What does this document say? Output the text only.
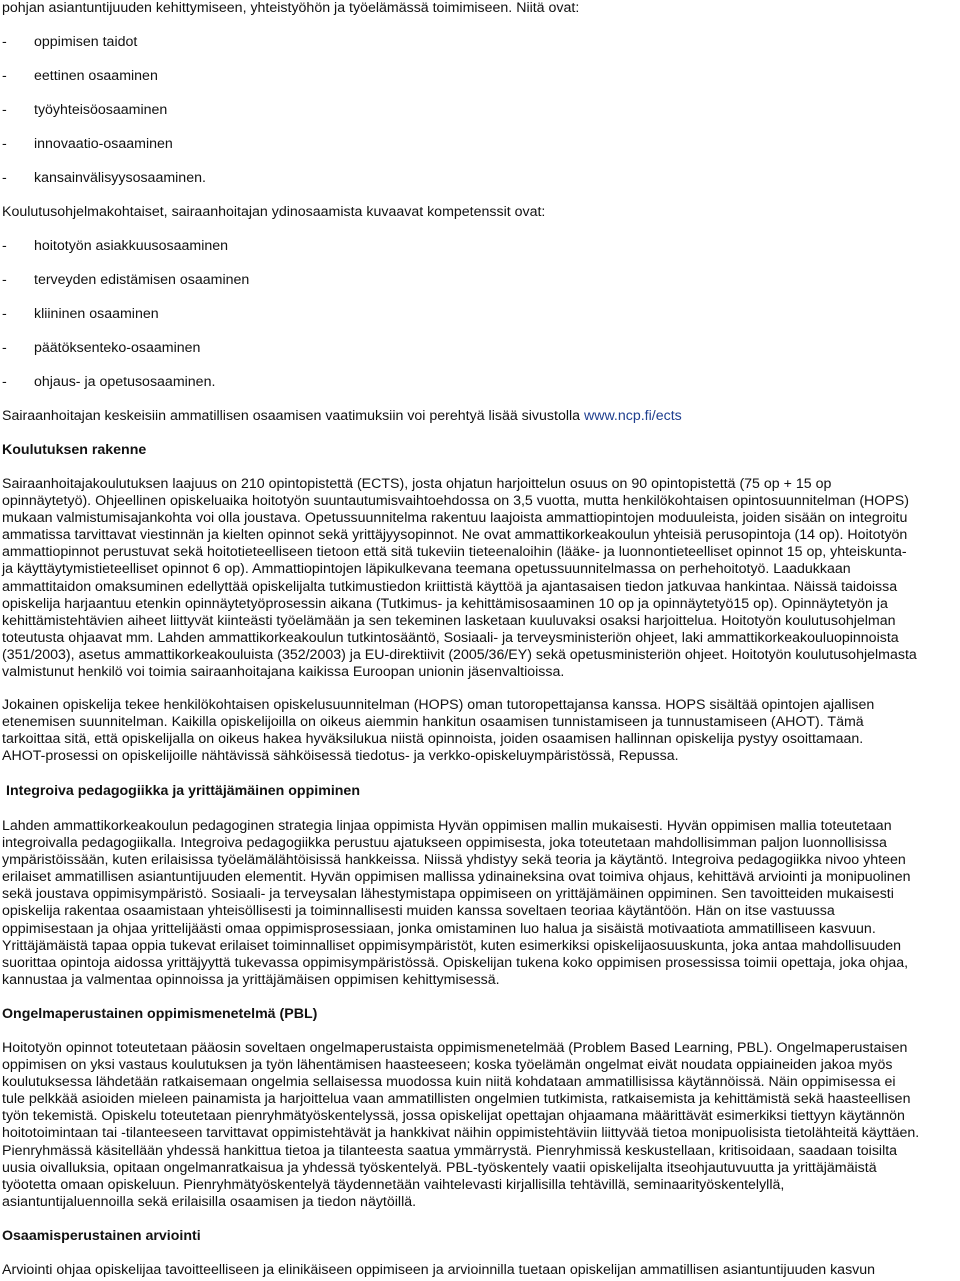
pohjan asiantuntijuuden kehittymiseen, yhteistyöhön ja työelämässä toimimiseen. Niitä ovat:
- oppimisen taidot
- eettinen osaaminen
- työyhteisöosaaminen
- innovaatio-osaaminen
- kansainvälisyysosaaminen.
Koulutusohjelmakohtaiset, sairaanhoitajan ydinosaamista kuvaavat kompetenssit ovat:
- hoitotyön asiakkuusosaaminen
- terveyden edistämisen osaaminen
- kliininen osaaminen
- päätöksenteko-osaaminen
- ohjaus- ja opetusosaaminen.
Sairaanhoitajan keskeisiin ammatillisen osaamisen vaatimuksiin voi perehtyä lisää sivustolla www.ncp.fi/ects
Koulutuksen rakenne

Sairaanhoitajakoulutuksen laajuus on 210 opintopistettä (ECTS), josta ohjatun harjoittelun osuus on 90 opintopistettä (75 op + 15 op

opinnäytetyö). Ohjeellinen opiskeluaika hoitotyön suuntautumisvaihtoehdossa on 3,5 vuotta, mutta henkilökohtaisen opintosuunnitelman (HOPS)

mukaan valmistumisajankohta voi olla joustava. Opetussuunnitelma rakentuu laajoista ammattiopintojen moduuleista, joiden sisään on integroitu

ammatissa tarvittavat viestinnän ja kielten opinnot sekä yrittäjyysopinnot. Ne ovat ammattikorkeakoulun yhteisiä perusopintoja (14 op). Hoitotyön

ammattiopinnot perustuvat sekä hoitotieteelliseen tietoon että sitä tukeviin tieteenaloihin (lääke- ja luonnontieteelliset opinnot 15 op, yhteiskunta-

ja käyttäytymistieteelliset opinnot 6 op). Ammattiopintojen läpikulkevana teemana opetussuunnitelmassa on perhehoitotyö. Laadukkaan

ammattitaidon omaksuminen edellyttää opiskelijalta tutkimustiedon kriittistä käyttöä ja ajantasaisen tiedon jatkuvaa hankintaa. Näissä taidoissa

opiskelija harjaantuu etenkin opinnäytetyöprosessin aikana (Tutkimus- ja kehittämisosaaminen 10 op ja opinnäytetyö15 op). Opinnäytetyön ja

kehittämistehtävien aiheet liittyvät kiinteästi työelämään ja sen tekeminen lasketaan kuuluvaksi osaksi harjoittelua. Hoitotyön koulutusohjelman

toteutusta ohjaavat mm. Lahden ammattikorkeakoulun tutkintosääntö, Sosiaali- ja terveysministeriön ohjeet, laki ammattikorkeakouluopinnoista

(351/2003), asetus ammattikorkeakouluista (352/2003) ja EU-direktiivit (2005/36/EY) sekä opetusministeriön ohjeet. Hoitotyön koulutusohjelmasta

valmistunut henkilö voi toimia sairaanhoitajana kaikissa Euroopan unionin jäsenvaltioissa.

Jokainen opiskelija tekee henkilökohtaisen opiskelusuunnitelman (HOPS) oman tutoropettajansa kanssa. HOPS sisältää opintojen ajallisen

etenemisen suunnitelman. Kaikilla opiskelijoilla on oikeus aiemmin hankitun osaamisen tunnistamiseen ja tunnustamiseen (AHOT). Tämä

tarkoittaa sitä, että opiskelijalla on oikeus hakea hyväksilukua niistä opinnoista, joiden osaamisen hallinnan opiskelija pystyy osoittamaan.

AHOT-prosessi on opiskelijoille nähtävissä sähköisessä tiedotus- ja verkko-opiskeluympäristössä, Repussa.

Integroiva pedagogiikka ja yrittäjämäinen oppiminen

Lahden ammattikorkeakoulun pedagoginen strategia linjaa oppimista Hyvän oppimisen mallin mukaisesti. Hyvän oppimisen mallia toteutetaan

integroivalla pedagogiikalla. Integroiva pedagogiikka perustuu ajatukseen oppimisesta, joka toteutetaan mahdollisimman paljon luonnollisissa

ympäristöissään, kuten erilaisissa työelämälähtöisissä hankkeissa. Niissä yhdistyy sekä teoria ja käytäntö. Integroiva pedagogiikka nivoo yhteen

erilaiset ammatillisen asiantuntijuuden elementit. Hyvän oppimisen mallissa ydinaineksina ovat toimiva ohjaus, kehittävä arviointi ja monipuolinen

sekä joustava oppimisympäristö. Sosiaali- ja terveysalan lähestymistapa oppimiseen on yrittäjämäinen oppiminen. Sen tavoitteiden mukaisesti

opiskelija rakentaa osaamistaan yhteisöllisesti ja toiminnallisesti muiden kanssa soveltaen teoriaa käytäntöön. Hän on itse vastuussa

oppimisestaan ja ohjaa yrittelijäästi omaa oppimisprosessiaan, jonka omistaminen luo halua ja sisäistä motivaatiota ammatilliseen kasvuun.

Yrittäjämäistä tapaa oppia tukevat erilaiset toiminnalliset oppimisympäristöt, kuten esimerkiksi opiskelijaosuuskunta, joka antaa mahdollisuuden

suorittaa opintoja aidossa yrittäjyyttä tukevassa oppimisympäristössä. Opiskelijan tukena koko oppimisen prosessissa toimii opettaja, joka ohjaa,

kannustaa ja valmentaa opinnoissa ja yrittäjämäisen oppimisen kehittymisessä.

Ongelmaperustainen oppimismenetelmä (PBL)

Hoitotyön opinnot toteutetaan pääosin soveltaen ongelmaperustaista oppimismenetelmää (Problem Based Learning, PBL). Ongelmaperustaisen

oppimisen on yksi vastaus koulutuksen ja työn lähentämisen haasteeseen; koska työelämän ongelmat eivät noudata oppiaineiden jakoa myös

koulutuksessa lähdetään ratkaisemaan ongelmia sellaisessa muodossa kuin niitä kohdataan ammatillisissa käytännöissä. Näin oppimisessa ei

tule pelkkää asioiden mieleen painamista ja harjoittelua vaan ammatillisten ongelmien tutkimista, ratkaisemista ja kehittämistä sekä haasteellisen

työn tekemistä. Opiskelu toteutetaan pienryhmätyöskentelyssä, jossa opiskelijat opettajan ohjaamana määrittävät esimerkiksi tiettyyn käytännön

hoitotoimintaan tai -tilanteeseen tarvittavat oppimistehtävät ja hankkivat näihin oppimistehtäviin liittyvää tietoa monipuolisista tietolähteitä käyttäen.

Pienryhmässä käsitellään yhdessä hankittua tietoa ja tilanteesta saatua ymmärrystä. Pienryhmissä keskustellaan, kritisoidaan, saadaan toisilta

uusia oivalluksia, opitaan ongelmanratkaisua ja yhdessä työskentelyä. PBL-työskentely vaatii opiskelijalta itseohjautuvuutta ja yrittäjämäistä

työotetta omaan opiskeluun. Pienryhmätyöskentelyä täydennetään vaihtelevasti kirjallisilla tehtävillä, seminaarityöskentelyllä,

asiantuntijaluennoilla sekä erilaisilla osaamisen ja tiedon näytöillä.

Osaamisperustainen arviointi

Arviointi ohjaa opiskelijaa tavoitteelliseen ja elinikäiseen oppimiseen ja arvioinnilla tuetaan opiskelijan ammatillisen asiantuntijuuden kasvun
